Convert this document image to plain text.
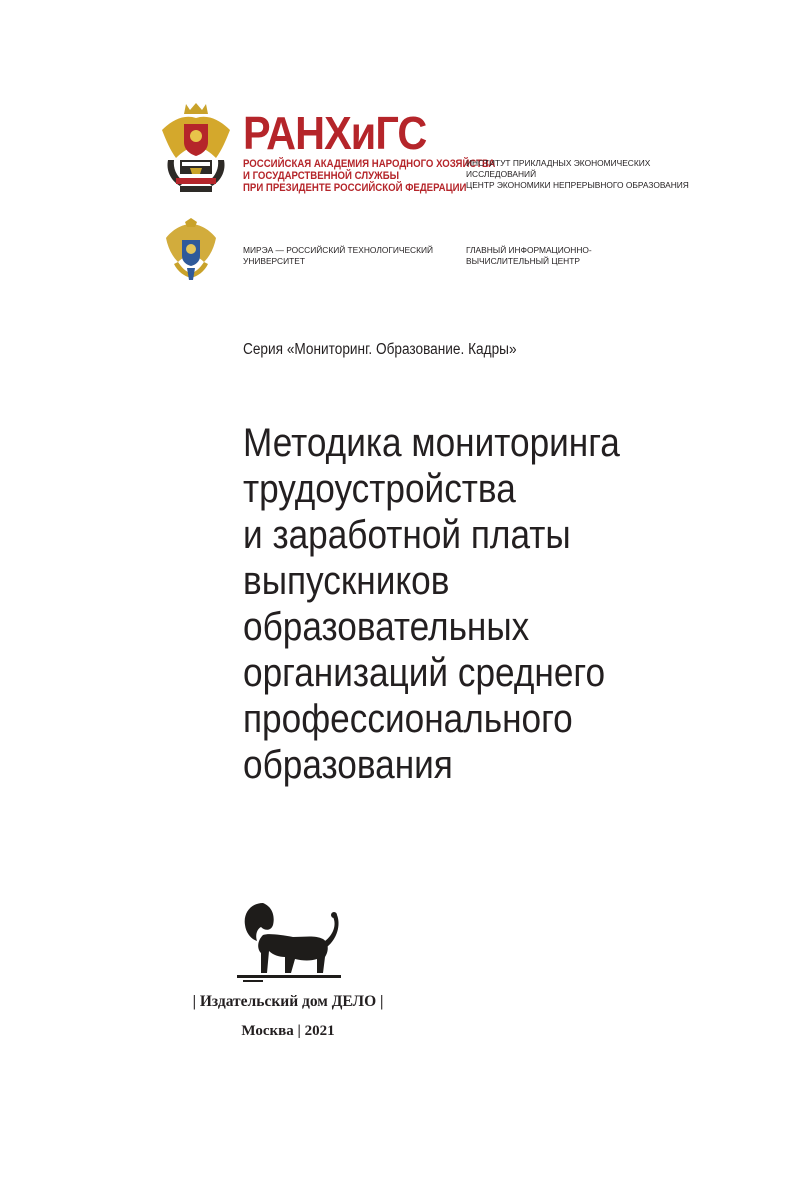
РАНХиГС
РОССИЙСКАЯ АКАДЕМИЯ НАРОДНОГО ХОЗЯЙСТВА
И ГОСУДАРСТВЕННОЙ СЛУЖБЫ
ПРИ ПРЕЗИДЕНТЕ РОССИЙСКОЙ ФЕДЕРАЦИИ
ИНСТИТУТ ПРИКЛАДНЫХ ЭКОНОМИЧЕСКИХ
ИССЛЕДОВАНИЙ
ЦЕНТР ЭКОНОМИКИ НЕПРЕРЫВНОГО ОБРАЗОВАНИЯ
МИРЭА — РОССИЙСКИЙ ТЕХНОЛОГИЧЕСКИЙ
УНИВЕРСИТЕТ
ГЛАВНЫЙ ИНФОРМАЦИОННО-
ВЫЧИСЛИТЕЛЬНЫЙ ЦЕНТР
Серия «Мониторинг. Образование. Кадры»
Методика мониторинга
трудоустройства
и заработной платы
выпускников
образовательных
организаций среднего
профессионального
образования
| Издательский дом ДЕЛО |
Москва | 2021
